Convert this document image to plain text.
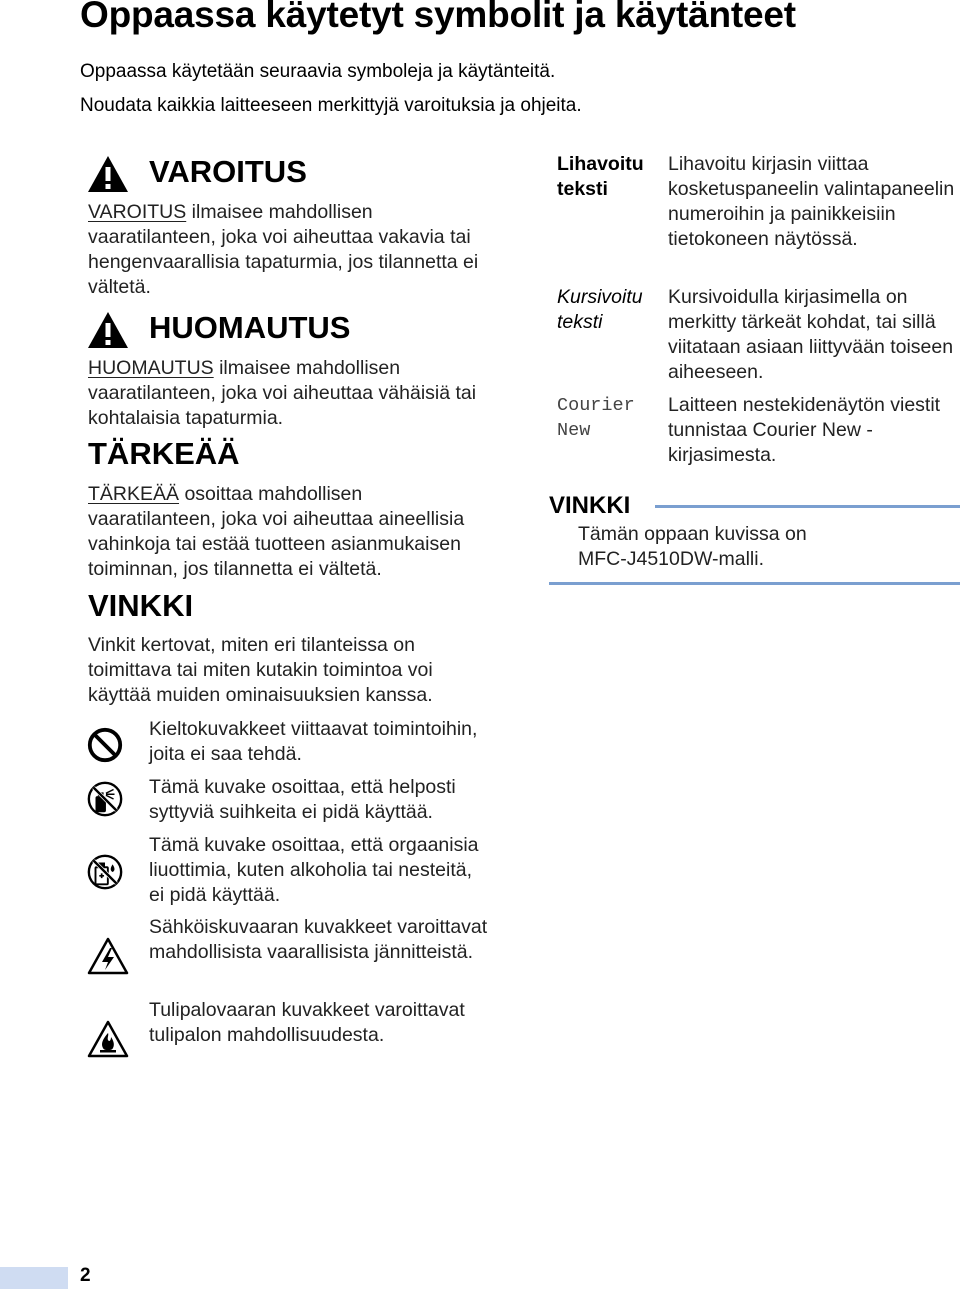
Oppaassa käytetyt symbolit ja käytänteet
Oppaassa käytetään seuraavia symboleja ja käytänteitä.
Noudata kaikkia laitteeseen merkittyjä varoituksia ja ohjeita.
VAROITUS
VAROITUS ilmaisee mahdollisen vaaratilanteen, joka voi aiheuttaa vakavia tai hengenvaarallisia tapaturmia, jos tilannetta ei vältetä.
HUOMAUTUS
HUOMAUTUS ilmaisee mahdollisen vaaratilanteen, joka voi aiheuttaa vähäisiä tai kohtalaisia tapaturmia.
TÄRKEÄÄ
TÄRKEÄÄ osoittaa mahdollisen vaaratilanteen, joka voi aiheuttaa aineellisia vahinkoja tai estää tuotteen asianmukaisen toiminnan, jos tilannetta ei vältetä.
VINKKI
Vinkit kertovat, miten eri tilanteissa on toimittava tai miten kutakin toimintoa voi käyttää muiden ominaisuuksien kanssa.
Kieltokuvakkeet viittaavat toimintoihin, joita ei saa tehdä.
Tämä kuvake osoittaa, että helposti syttyviä suihkeita ei pidä käyttää.
Tämä kuvake osoittaa, että orgaanisia liuottimia, kuten alkoholia tai nesteitä, ei pidä käyttää.
Sähköiskuvaaran kuvakkeet varoittavat mahdollisista vaarallisista jännitteistä.
Tulipalovaaran kuvakkeet varoittavat tulipalon mahdollisuudesta.
Lihavoitu teksti
Lihavoitu kirjasin viittaa kosketuspaneelin valintapaneelin numeroihin ja painikkeisiin tietokoneen näytössä.
Kursivoitu teksti
Kursivoidulla kirjasimella on merkitty tärkeät kohdat, tai sillä viitataan asiaan liittyvään toiseen aiheeseen.
Courier New
Laitteen nestekidenäytön viestit tunnistaa Courier New -kirjasimesta.
VINKKI
Tämän oppaan kuvissa on MFC-J4510DW-malli.
2
